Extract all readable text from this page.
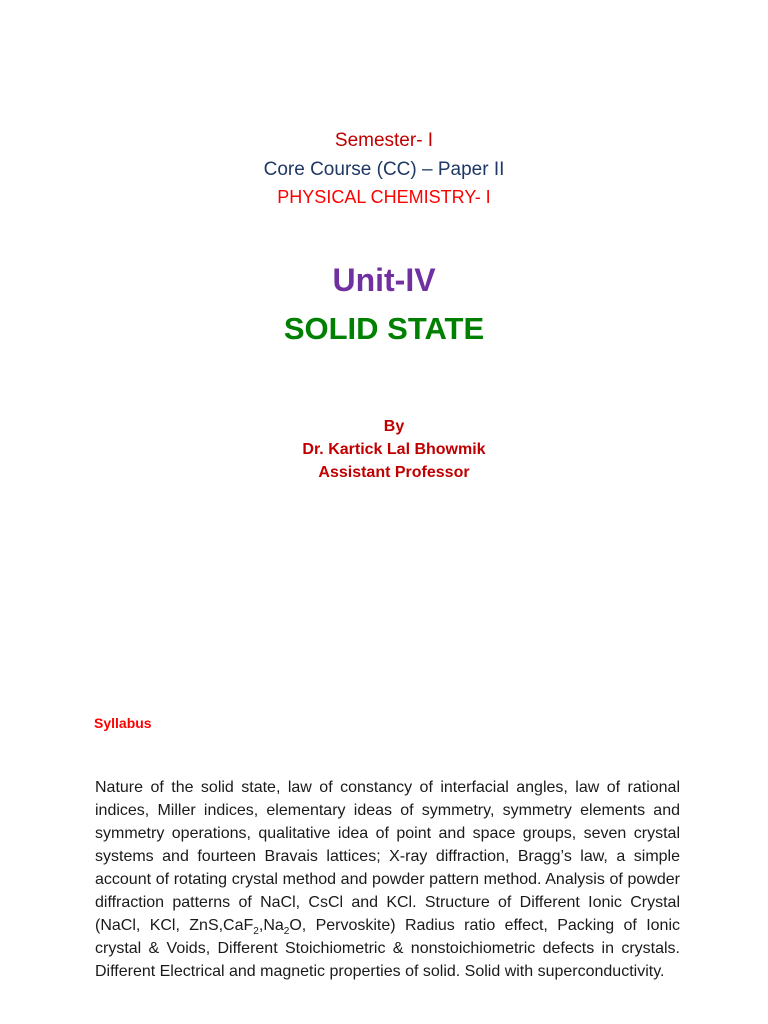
Semester- I
Core Course (CC) – Paper II
PHYSICAL CHEMISTRY- I
Unit-IV
SOLID STATE
By
Dr. Kartick Lal Bhowmik
Assistant Professor
Syllabus
Nature of the solid state, law of constancy of interfacial angles, law of rational indices, Miller indices, elementary ideas of symmetry, symmetry elements and symmetry operations, qualitative idea of point and space groups, seven crystal systems and fourteen Bravais lattices; X-ray diffraction, Bragg’s law, a simple account of rotating crystal method and powder pattern method. Analysis of powder diffraction patterns of NaCl, CsCl and KCl. Structure of Different Ionic Crystal (NaCl, KCl, $ZnS,CaF_2,Na_2O$, Pervoskite) Radius ratio effect, Packing of Ionic crystal & Voids, Different Stoichiometric & nonstoichiometric defects in crystals. Different Electrical and magnetic properties of solid. Solid with superconductivity.
